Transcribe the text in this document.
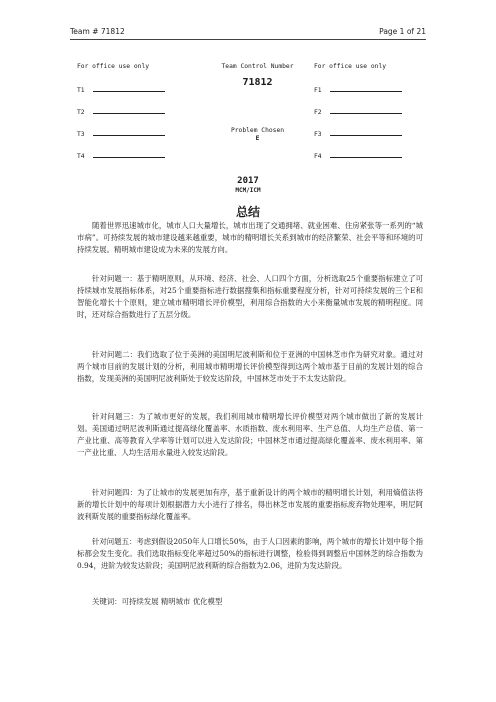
Team # 71812	Page 1 of 21
For office use only
T1
T2
T3
T4
Team Control Number
71812
Problem Chosen
E
For office use only
F1
F2
F3
F4
2017
MCM/ICM
总结

随着世界迅速城市化，城市人口大量增长，城市出现了交通拥堵、就业困难、住房紧张等一系列的“城市病”。可持续发展的城市建设越来越重要，城市的精明增长关系到城市的经济繁荣、社会平等和环境的可持续发展。精明城市建设成为未来的发展方向。

针对问题一：基于精明原则，从环境、经济、社会、人口四个方面，分析选取25个重要指标建立了可持续城市发展指标体系，对25个重要指标进行数据搜集和指标重要程度分析，针对可持续发展的三个E和智能化增长十个原则，建立城市精明增长评价模型，利用综合指数的大小来衡量城市发展的精明程度。同时，还对综合指数进行了五层分级。

针对问题二：我们选取了位于美洲的美国明尼波利斯和位于亚洲的中国林芝市作为研究对象。通过对两个城市目前的发展计划的分析，利用城市精明增长评价模型得到这两个城市基于目前的发展计划的综合指数，发现美洲的美国明尼波利斯处于较发达阶段，中国林芝市处于不太发达阶段。

针对问题三：为了城市更好的发展，我们利用城市精明增长评价模型对两个城市做出了新的发展计划。美国通过明尼波利斯通过提高绿化覆盖率、水质指数、废水利用率、生产总值、人均生产总值、第一产业比重、高等教育入学率等计划可以进入发达阶段；中国林芝市通过提高绿化覆盖率、废水利用率、第一产业比重、人均生活用水量进入较发达阶段。

针对问题四：为了让城市的发展更加有序，基于重新设计的两个城市的精明增长计划，利用熵值法将新的增长计划中的每项计划根据潜力大小进行了排名，得出林芝市发展的重要指标废弃物处理率，明尼阿波利斯发展的重要指标绿化覆盖率。

针对问题五：考虑到假设2050年人口增长50%，由于人口因素的影响，两个城市的增长计划中每个指标都会发生变化。我们选取指标变化率超过50%的指标进行调整，检验得到调整后中国林芝的综合指数为0.94，进阶为较发达阶段；美国明尼波利斯的综合指数为2.06，进阶为发达阶段。

关键词：可持续发展 精明城市 优化模型
